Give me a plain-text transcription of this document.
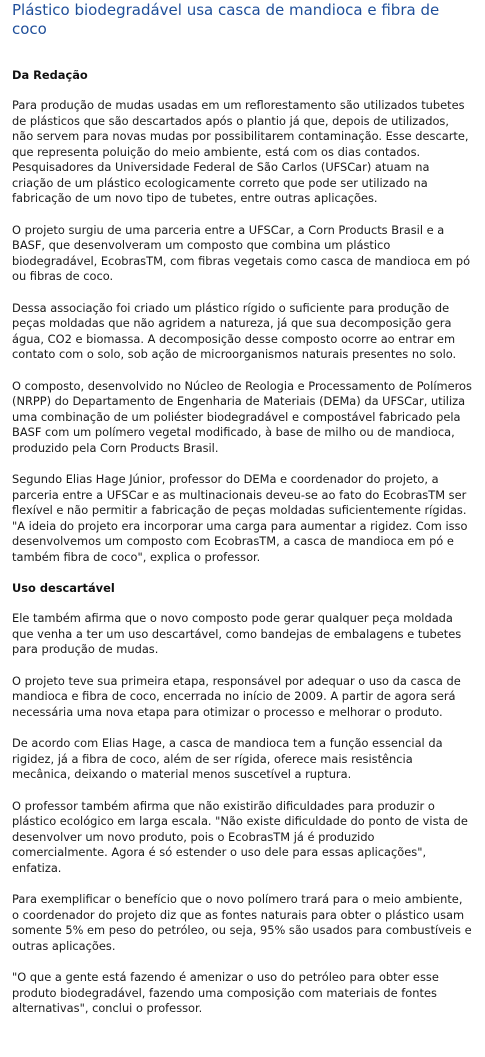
Plástico biodegradável usa casca de mandioca e fibra de coco
Da Redação

Para produção de mudas usadas em um reflorestamento são utilizados tubetes de plásticos que são descartados após o plantio já que, depois de utilizados, não servem para novas mudas por possibilitarem contaminação. Esse descarte, que representa poluição do meio ambiente, está com os dias contados. Pesquisadores da Universidade Federal de São Carlos (UFSCar) atuam na criação de um plástico ecologicamente correto que pode ser utilizado na fabricação de um novo tipo de tubetes, entre outras aplicações.

O projeto surgiu de uma parceria entre a UFSCar, a Corn Products Brasil e a BASF, que desenvolveram um composto que combina um plástico biodegradável, EcobrasTM, com fibras vegetais como casca de mandioca em pó ou fibras de coco.

Dessa associação foi criado um plástico rígido o suficiente para produção de peças moldadas que não agridem a natureza, já que sua decomposição gera água, CO2 e biomassa. A decomposição desse composto ocorre ao entrar em contato com o solo, sob ação de microorganismos naturais presentes no solo.

O composto, desenvolvido no Núcleo de Reologia e Processamento de Polímeros (NRPP) do Departamento de Engenharia de Materiais (DEMa) da UFSCar, utiliza uma combinação de um poliéster biodegradável e compostável fabricado pela BASF com um polímero vegetal modificado, à base de milho ou de mandioca, produzido pela Corn Products Brasil.

Segundo Elias Hage Júnior, professor do DEMa e coordenador do projeto, a parceria entre a UFSCar e as multinacionais deveu-se ao fato do EcobrasTM ser flexível e não permitir a fabricação de peças moldadas suficientemente rígidas. "A ideia do projeto era incorporar uma carga para aumentar a rigidez. Com isso desenvolvemos um composto com EcobrasTM, a casca de mandioca em pó e também fibra de coco", explica o professor.

Uso descartável

Ele também afirma que o novo composto pode gerar qualquer peça moldada que venha a ter um uso descartável, como bandejas de embalagens e tubetes para produção de mudas.

O projeto teve sua primeira etapa, responsável por adequar o uso da casca de mandioca e fibra de coco, encerrada no início de 2009. A partir de agora será necessária uma nova etapa para otimizar o processo e melhorar o produto.

De acordo com Elias Hage, a casca de mandioca tem a função essencial da rigidez, já a fibra de coco, além de ser rígida, oferece mais resistência mecânica, deixando o material menos suscetível a ruptura.

O professor também afirma que não existirão dificuldades para produzir o plástico ecológico em larga escala. "Não existe dificuldade do ponto de vista de desenvolver um novo produto, pois o EcobrasTM já é produzido comercialmente. Agora é só estender o uso dele para essas aplicações", enfatiza.

Para exemplificar o benefício que o novo polímero trará para o meio ambiente, o coordenador do projeto diz que as fontes naturais para obter o plástico usam somente 5% em peso do petróleo, ou seja, 95% são usados para combustíveis e outras aplicações.

"O que a gente está fazendo é amenizar o uso do petróleo para obter esse produto biodegradável, fazendo uma composição com materiais de fontes alternativas", conclui o professor.
